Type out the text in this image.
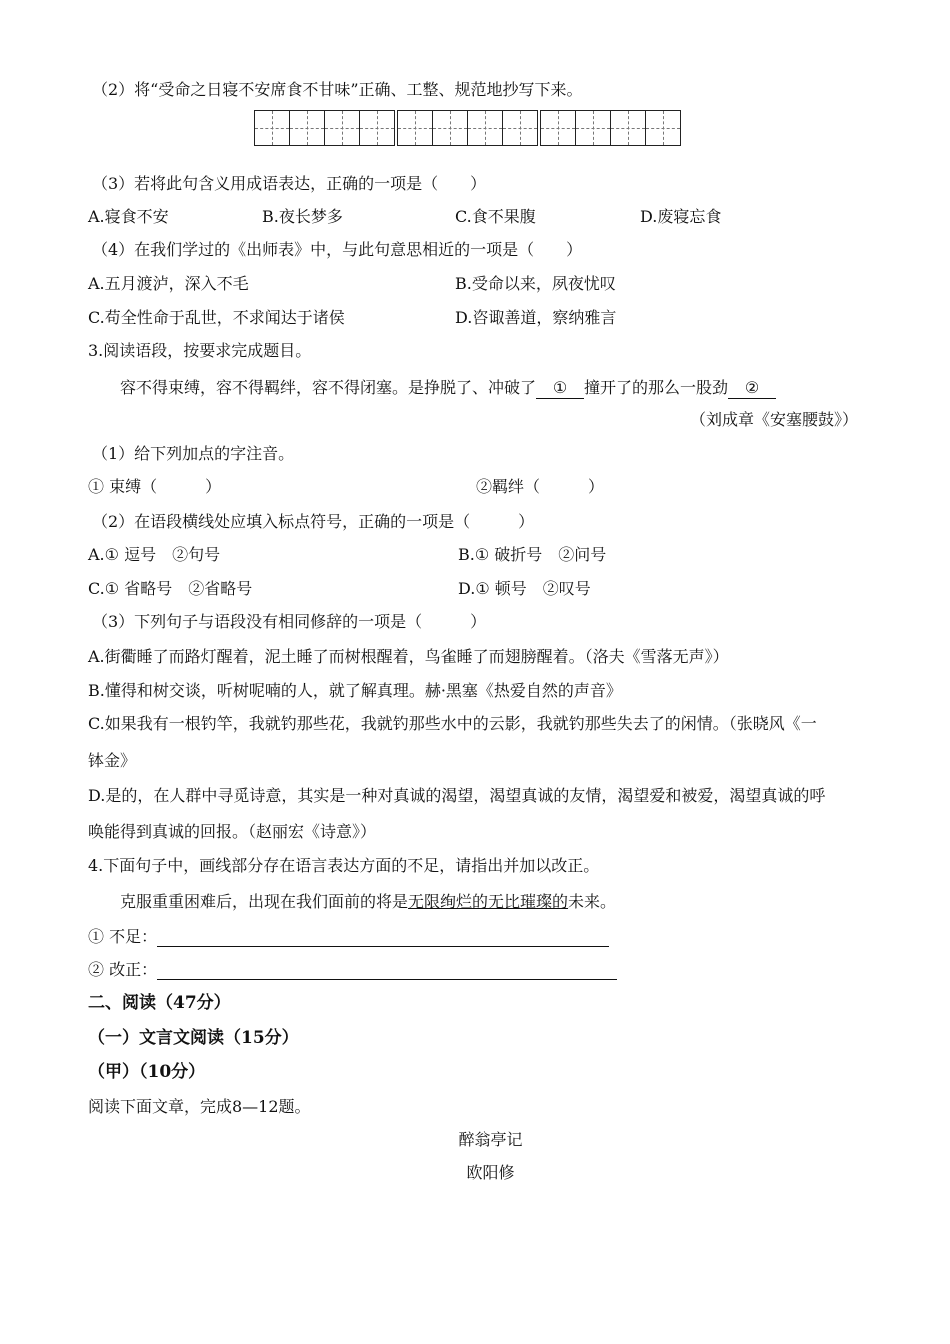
（2）将“受命之日寝不安席食不甘味”正确、工整、规范地抄写下来。
（3）若将此句含义用成语表达，正确的一项是（　　）
A.寝食不安	B.夜长梦多	C.食不果腹	D.废寝忘食
（4）在我们学过的《出师表》中，与此句意思相近的一项是（　　）
A.五月渡泸，深入不毛	B.受命以来，夙夜忧叹
C.苟全性命于乱世，不求闻达于诸侯	D.咨诹善道，察纳雅言
3.阅读语段，按要求完成题目。
容不得束缚，容不得羁绊，容不得闭塞。是挣脱了、冲破了 ① 撞开了的那么一股劲 ②
（刘成章《安塞腰鼓》）
（1）给下列加点的字注音。
① 束缚（　　　）	②羁绊（　　　）
（2）在语段横线处应填入标点符号，正确的一项是（　　　）
A.① 逗号　②句号	B.① 破折号　②问号
C.① 省略号　②省略号	D.① 顿号　②叹号
（3）下列句子与语段没有相同修辞的一项是（　　　）
A.街衢睡了而路灯醒着，泥土睡了而树根醒着，鸟雀睡了而翅膀醒着。（洛夫《雪落无声》）
B.懂得和树交谈，听树呢喃的人，就了解真理。赫·黑塞《热爱自然的声音》
C.如果我有一根钓竿，我就钓那些花，我就钓那些水中的云影，我就钓那些失去了的闲情。（张晓风《一
钵金》
D.是的，在人群中寻觅诗意，其实是一种对真诚的渴望，渴望真诚的友情，渴望爱和被爱，渴望真诚的呼
唤能得到真诚的回报。（赵丽宏《诗意》）
4.下面句子中，画线部分存在语言表达方面的不足，请指出并加以改正。
克服重重困难后，出现在我们面前的将是无限绚烂的无比璀璨的未来。
① 不足：
② 改正：
二、阅读（47分）
（一）文言文阅读（15分）
（甲）（10分）
阅读下面文章，完成8—12题。
醉翁亭记
欧阳修
